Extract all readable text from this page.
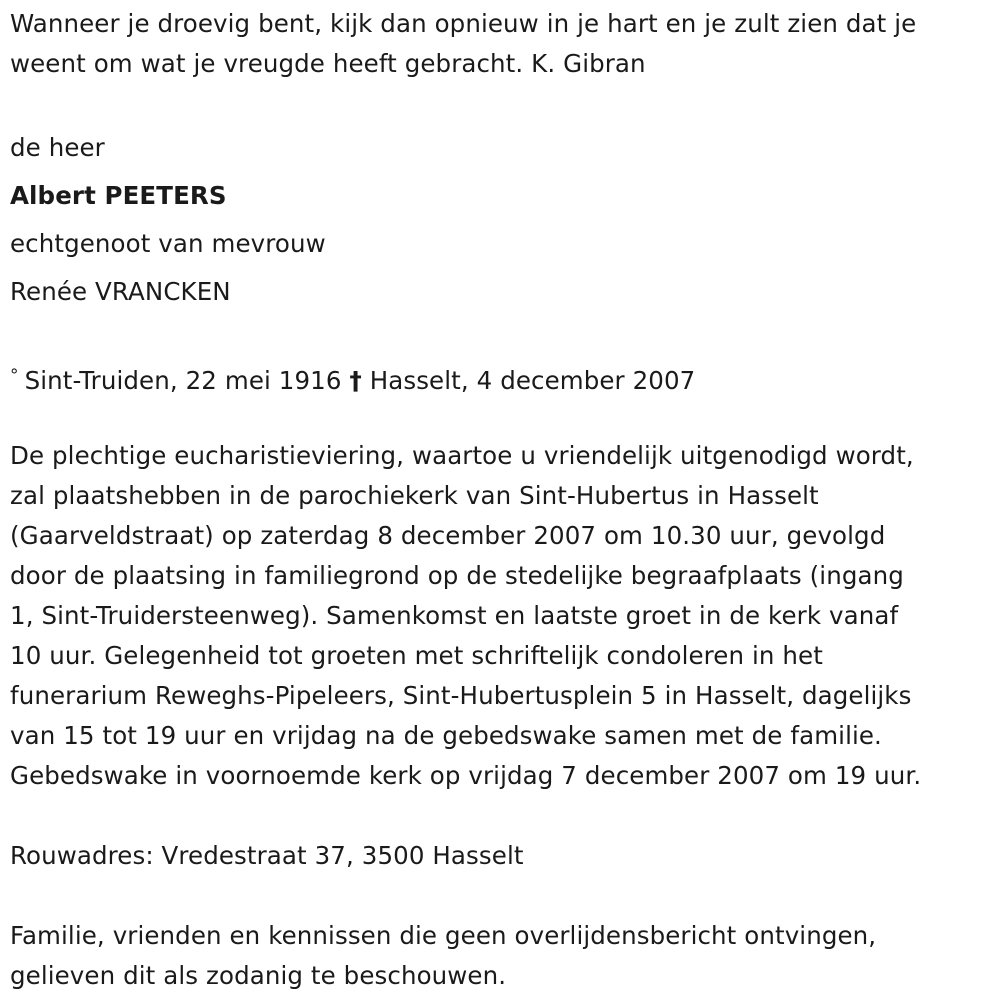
Wanneer je droevig bent, kijk dan opnieuw in je hart en je zult zien dat je
weent om wat je vreugde heeft gebracht. K. Gibran
de heer
Albert PEETERS
echtgenoot van mevrouw
Renée VRANCKEN
° Sint-Truiden, 22 mei 1916 † Hasselt, 4 december 2007
De plechtige eucharistieviering, waartoe u vriendelijk uitgenodigd wordt,
zal plaatshebben in de parochiekerk van Sint-Hubertus in Hasselt
(Gaarveldstraat) op zaterdag 8 december 2007 om 10.30 uur, gevolgd
door de plaatsing in familiegrond op de stedelijke begraafplaats (ingang
1, Sint-Truidersteenweg). Samenkomst en laatste groet in de kerk vanaf
10 uur. Gelegenheid tot groeten met schriftelijk condoleren in het
funerarium Reweghs-Pipeleers, Sint-Hubertusplein 5 in Hasselt, dagelijks
van 15 tot 19 uur en vrijdag na de gebedswake samen met de familie.
Gebedswake in voornoemde kerk op vrijdag 7 december 2007 om 19 uur.
Rouwadres: Vredestraat 37, 3500 Hasselt
Familie, vrienden en kennissen die geen overlijdensbericht ontvingen,
gelieven dit als zodanig te beschouwen.
